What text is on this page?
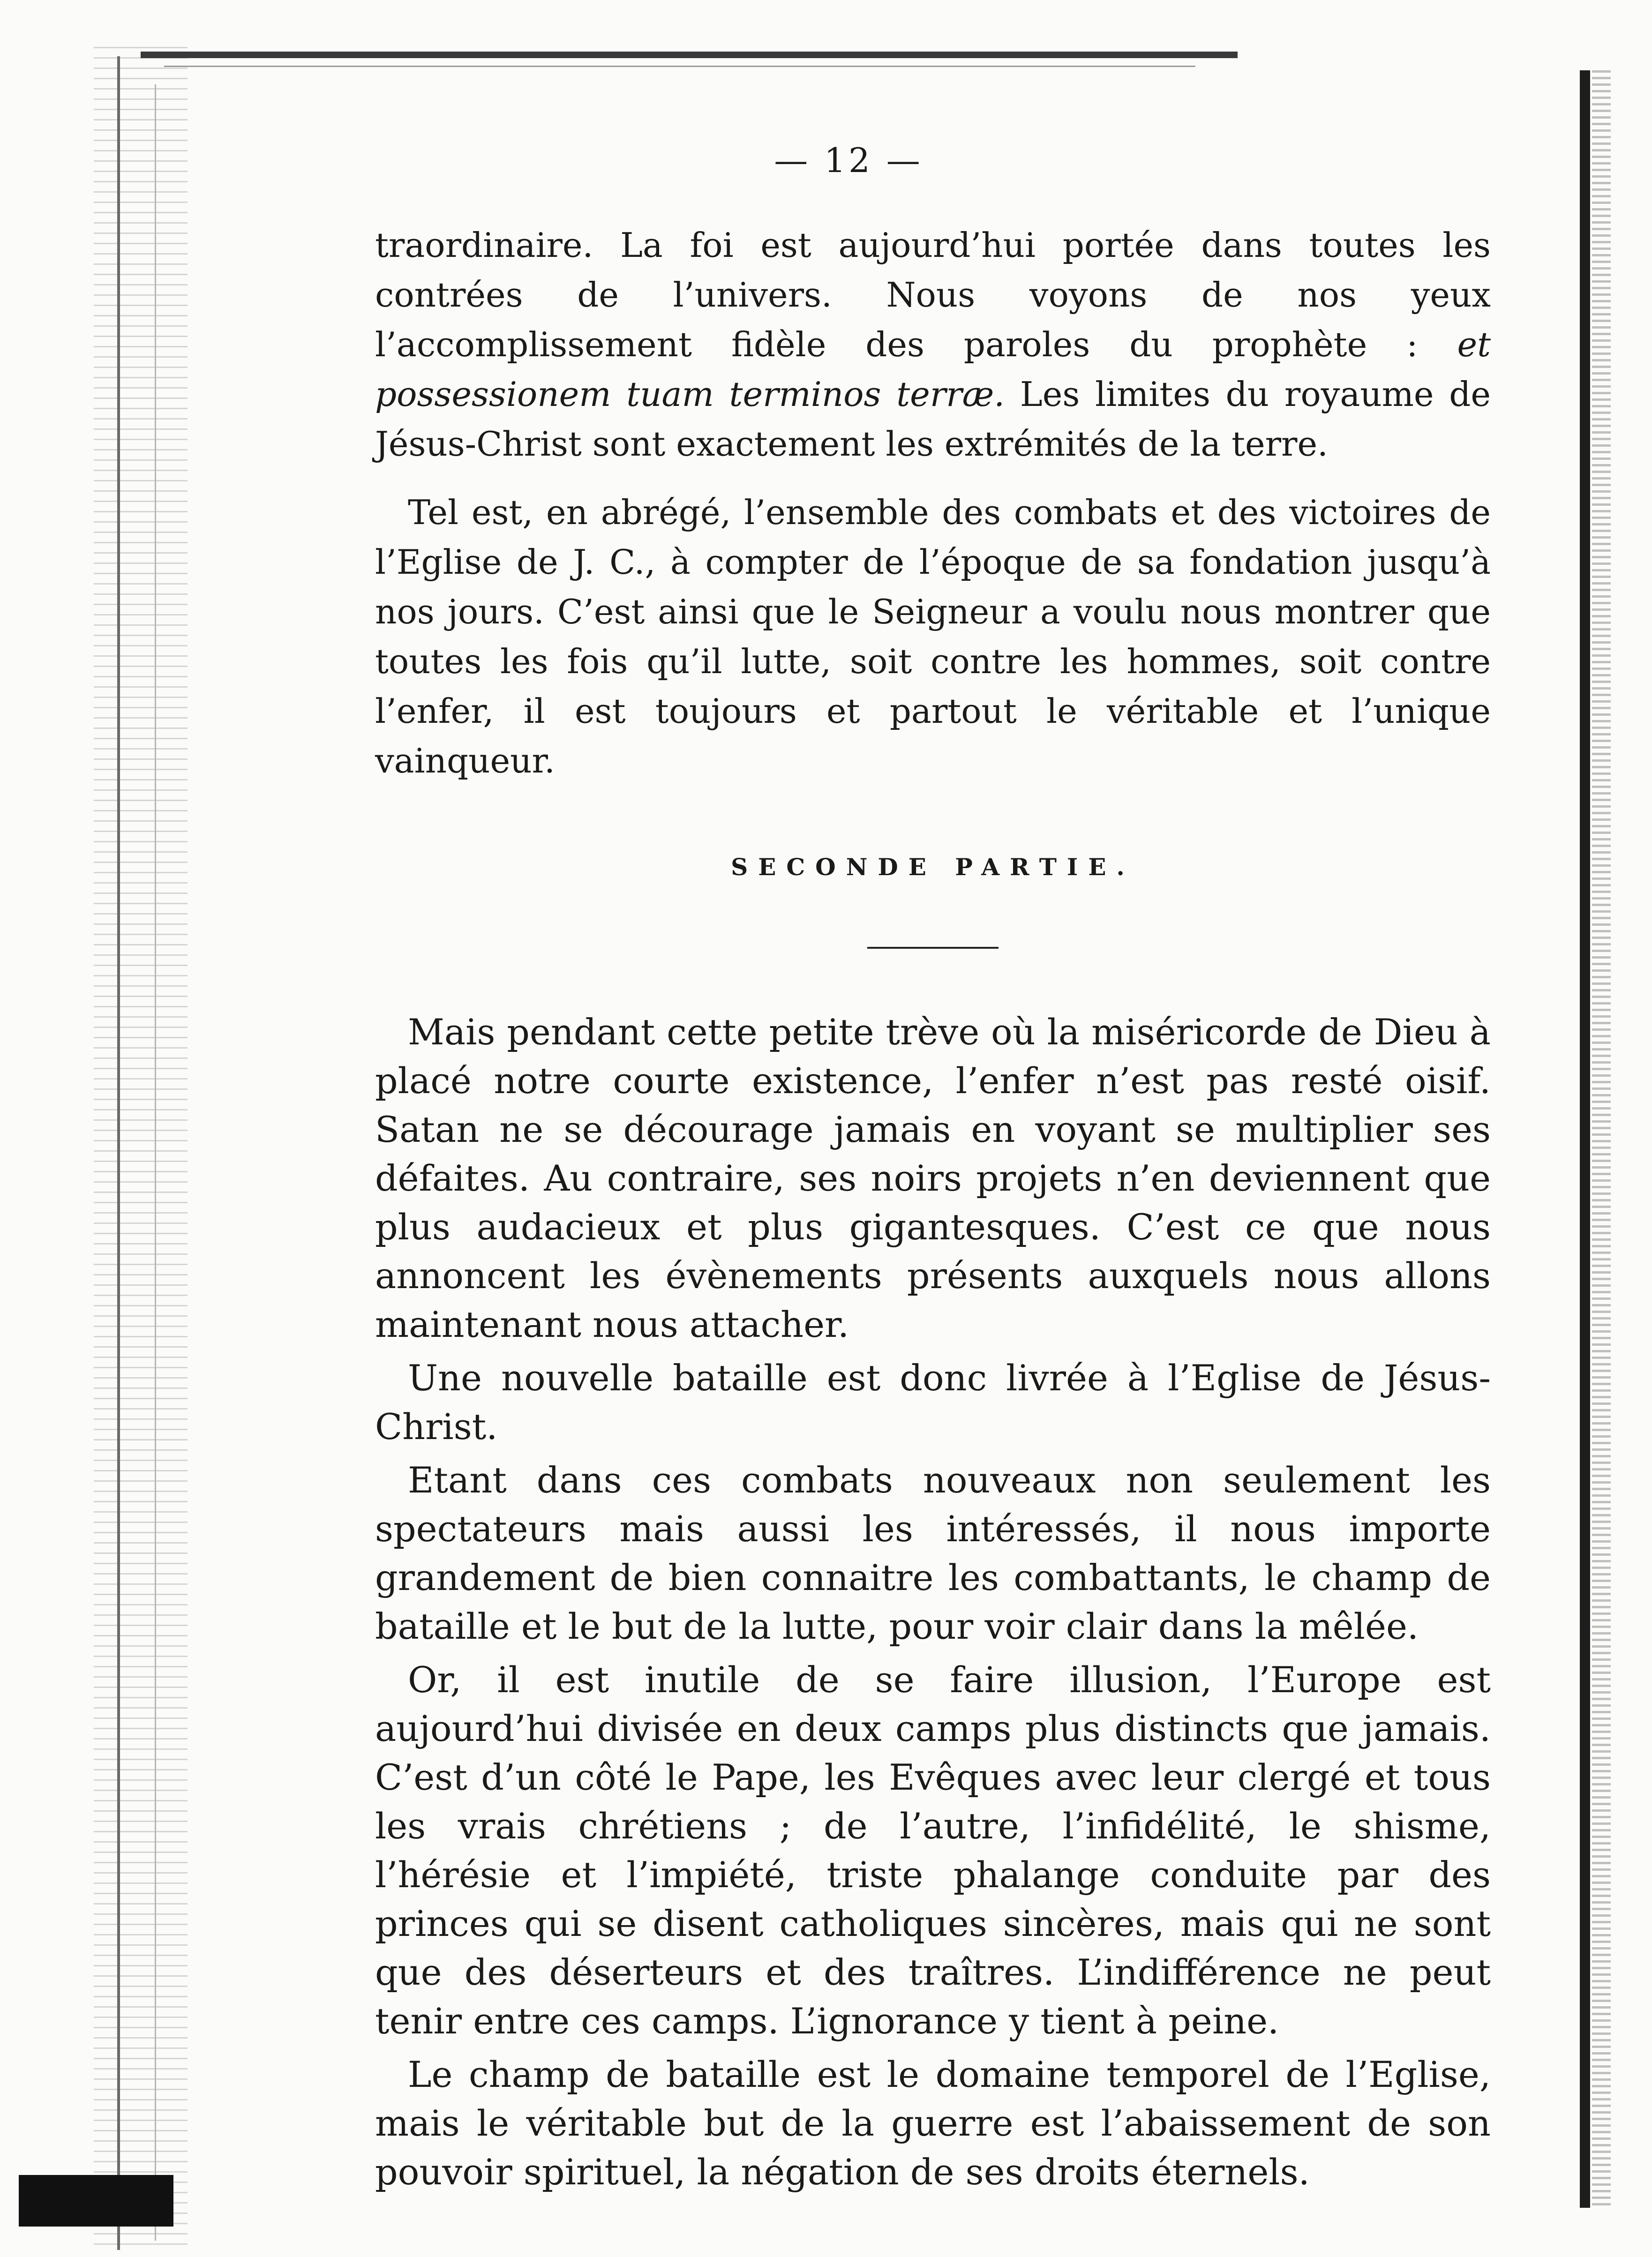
— 12 —

traordinaire. La foi est aujourd’hui portée dans toutes les contrées de l’univers. Nous voyons de nos yeux l’accomplissement fidèle des paroles du prophète : et possessionem tuam terminos terræ. Les limites du royaume de Jésus-Christ sont exactement les extrémités de la terre.

Tel est, en abrégé, l’ensemble des combats et des victoires de l’Eglise de J. C., à compter de l’époque de sa fondation jusqu’à nos jours. C’est ainsi que le Seigneur a voulu nous montrer que toutes les fois qu’il lutte, soit contre les hommes, soit contre l’enfer, il est toujours et partout le véritable et l’unique vainqueur.

SECONDE PARTIE.

Mais pendant cette petite trève où la miséricorde de Dieu à placé notre courte existence, l’enfer n’est pas resté oisif. Satan ne se décourage jamais en voyant se multiplier ses défaites. Au contraire, ses noirs projets n’en deviennent que plus audacieux et plus gigantesques. C’est ce que nous annoncent les évènements présents auxquels nous allons maintenant nous attacher.

Une nouvelle bataille est donc livrée à l’Eglise de Jésus-Christ.

Etant dans ces combats nouveaux non seulement les spectateurs mais aussi les intéressés, il nous importe grandement de bien connaitre les combattants, le champ de bataille et le but de la lutte, pour voir clair dans la mêlée.

Or, il est inutile de se faire illusion, l’Europe est aujourd’hui divisée en deux camps plus distincts que jamais. C’est d’un côté le Pape, les Evêques avec leur clergé et tous les vrais chrétiens ; de l’autre, l’infidélité, le shisme, l’hérésie et l’impiété, triste phalange conduite par des princes qui se disent catholiques sincères, mais qui ne sont que des déserteurs et des traîtres. L’indifférence ne peut tenir entre ces camps. L’ignorance y tient à peine.

Le champ de bataille est le domaine temporel de l’Eglise, mais le véritable but de la guerre est l’abaissement de son pouvoir spirituel, la négation de ses droits éternels.
